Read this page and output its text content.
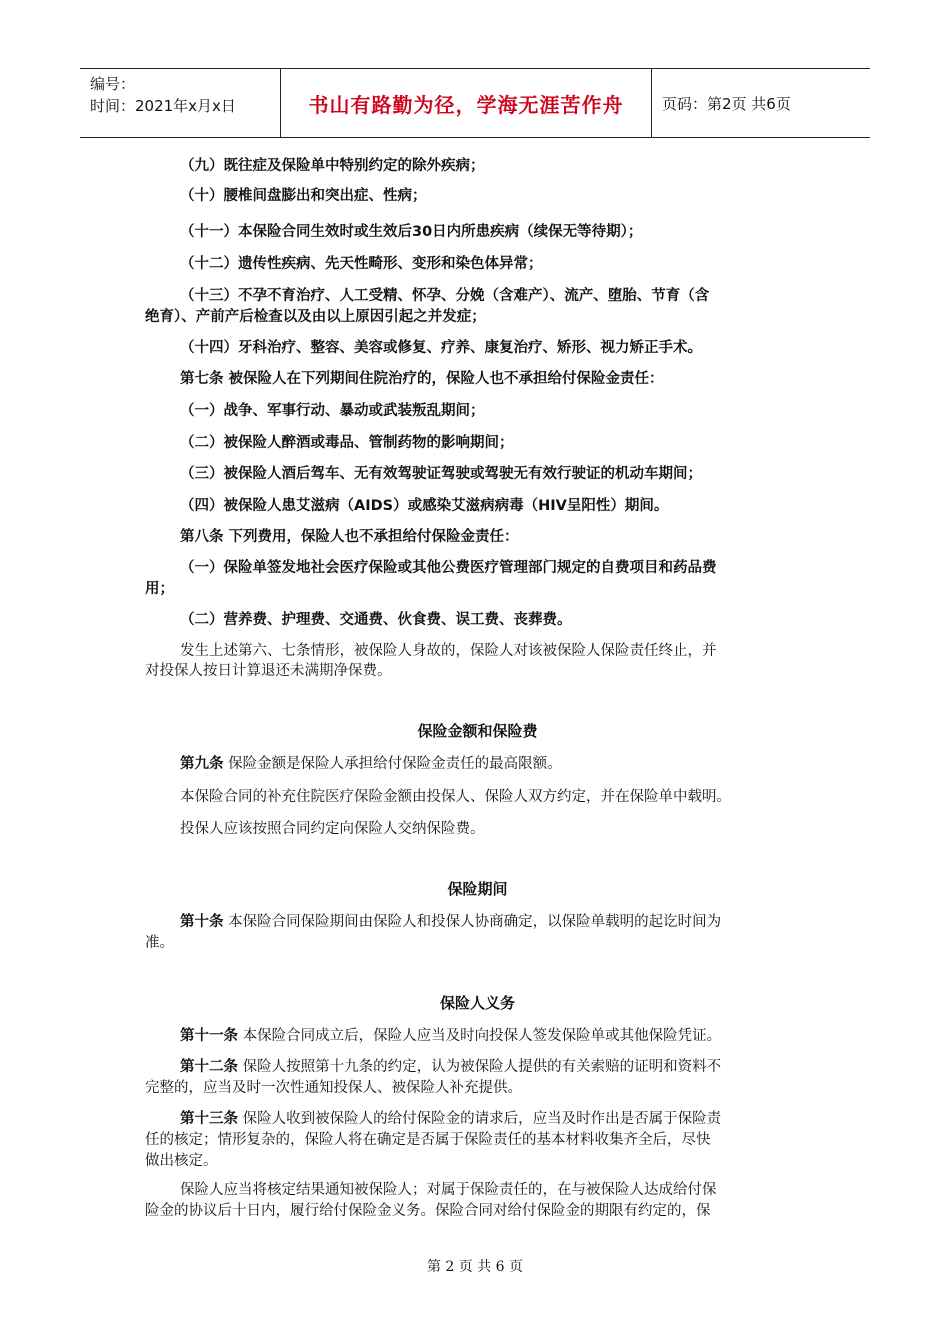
编号：
时间：2021年x月x日	书山有路勤为径，学海无涯苦作舟	页码：第2页 共6页
（九）既往症及保险单中特别约定的除外疾病；
（十）腰椎间盘膨出和突出症、性病；
（十一）本保险合同生效时或生效后30日内所患疾病（续保无等待期）；
（十二）遗传性疾病、先天性畸形、变形和染色体异常；
（十三）不孕不育治疗、人工受精、怀孕、分娩（含难产）、流产、堕胎、节育（含
绝育）、产前产后检查以及由以上原因引起之并发症；
（十四）牙科治疗、整容、美容或修复、疗养、康复治疗、矫形、视力矫正手术。
第七条 被保险人在下列期间住院治疗的，保险人也不承担给付保险金责任：
（一）战争、军事行动、暴动或武装叛乱期间；
（二）被保险人醉酒或毒品、管制药物的影响期间；
（三）被保险人酒后驾车、无有效驾驶证驾驶或驾驶无有效行驶证的机动车期间；
（四）被保险人患艾滋病（AIDS）或感染艾滋病病毒（HIV呈阳性）期间。
第八条 下列费用，保险人也不承担给付保险金责任：
（一）保险单签发地社会医疗保险或其他公费医疗管理部门规定的自费项目和药品费
用；
（二）营养费、护理费、交通费、伙食费、误工费、丧葬费。
发生上述第六、七条情形，被保险人身故的，保险人对该被保险人保险责任终止，并
对投保人按日计算退还未满期净保费。
保险金额和保险费
第九条 保险金额是保险人承担给付保险金责任的最高限额。
本保险合同的补充住院医疗保险金额由投保人、保险人双方约定，并在保险单中载明。
投保人应该按照合同约定向保险人交纳保险费。
保险期间
第十条 本保险合同保险期间由保险人和投保人协商确定，以保险单载明的起讫时间为
准。
保险人义务
第十一条 本保险合同成立后，保险人应当及时向投保人签发保险单或其他保险凭证。
第十二条 保险人按照第十九条的约定，认为被保险人提供的有关索赔的证明和资料不
完整的，应当及时一次性通知投保人、被保险人补充提供。
第十三条 保险人收到被保险人的给付保险金的请求后，应当及时作出是否属于保险责
任的核定；情形复杂的，保险人将在确定是否属于保险责任的基本材料收集齐全后，尽快
做出核定。
保险人应当将核定结果通知被保险人；对属于保险责任的，在与被保险人达成给付保
险金的协议后十日内，履行给付保险金义务。保险合同对给付保险金的期限有约定的，保
第 2 页 共 6 页
